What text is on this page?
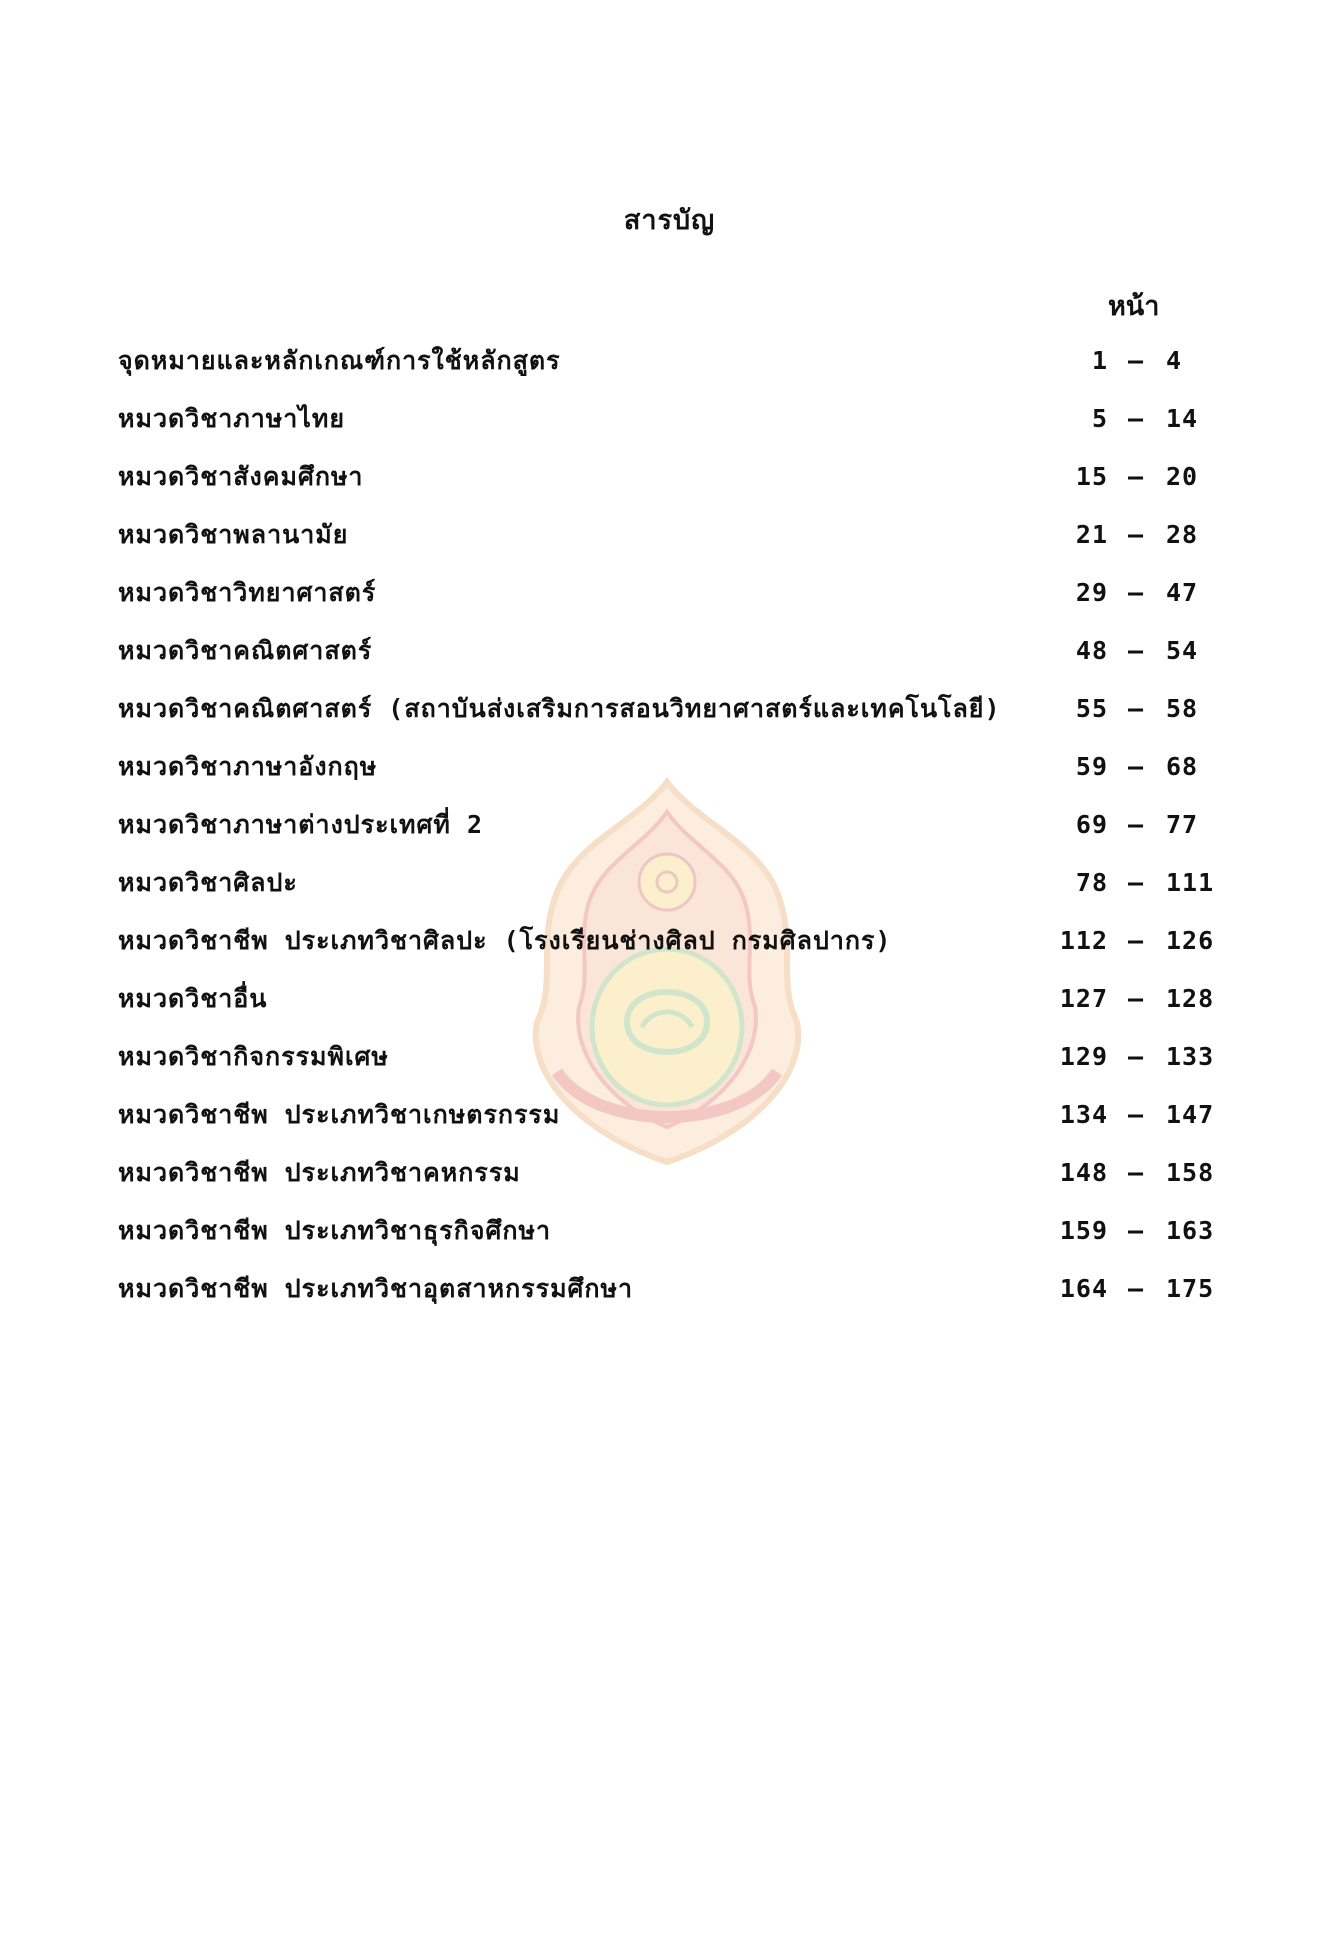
สารบัญ
หน้า
จุดหมายและหลักเกณฑ์การใช้หลักสูตร	1 – 4
หมวดวิชาภาษาไทย	5 – 14
หมวดวิชาสังคมศึกษา	15 – 20
หมวดวิชาพลานามัย	21 – 28
หมวดวิชาวิทยาศาสตร์	29 – 47
หมวดวิชาคณิตศาสตร์	48 – 54
หมวดวิชาคณิตศาสตร์ (สถาบันส่งเสริมการสอนวิทยาศาสตร์และเทคโนโลยี)	55 – 58
หมวดวิชาภาษาอังกฤษ	59 – 68
หมวดวิชาภาษาต่างประเทศที่ 2	69 – 77
หมวดวิชาศิลปะ	78 – 111
หมวดวิชาชีพ ประเภทวิชาศิลปะ (โรงเรียนช่างศิลป กรมศิลปากร)	112 – 126
หมวดวิชาอื่น	127 – 128
หมวดวิชากิจกรรมพิเศษ	129 – 133
หมวดวิชาชีพ ประเภทวิชาเกษตรกรรม	134 – 147
หมวดวิชาชีพ ประเภทวิชาคหกรรม	148 – 158
หมวดวิชาชีพ ประเภทวิชาธุรกิจศึกษา	159 – 163
หมวดวิชาชีพ ประเภทวิชาอุตสาหกรรมศึกษา	164 – 175
